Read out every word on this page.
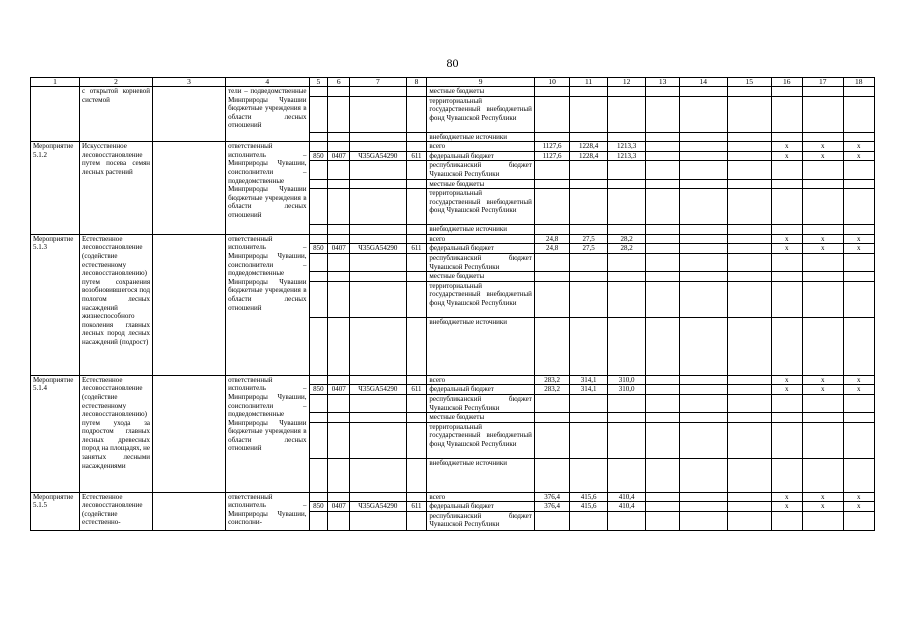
80
1	2	3	4	5	6	7	8	9	10	11	12	13	14	15	16	17	18
	с открытой корневой системой		тели – подведомственные Минприроды Чувашии бюджетные учреждения в области лесных отношений					местные бюджеты									
								территориальный государственный внебюджетный фонд Чувашской Республики									
								внебюджетные источники									
Мероприятие 5.1.2	Искусственное лесовосстановление путем посева семян лесных растений		ответственный исполнитель – Минприроды Чувашии, соисполнители – подведомственные Минприроды Чувашии бюджетные учреждения в области лесных отношений					всего	1127,6	1228,4	1213,3				х	х	х
				850	0407	Ч35GА54290	611	федеральный бюджет	1127,6	1228,4	1213,3				х	х	х
								республиканский бюджет Чувашской Республики									
								местные бюджеты									
								территориальный государственный внебюджетный фонд Чувашской Республики									
								внебюджетные источники									
Мероприятие 5.1.3	Естественное лесовосстановление (содействие естественному лесовосстановлению) путем сохранения возобновившегося под пологом лесных насаждений жизнеспособного поколения главных лесных пород лесных насаждений (подрост)		ответственный исполнитель – Минприроды Чувашии, соисполнители – подведомственные Минприроды Чувашии бюджетные учреждения в области лесных отношений					всего	24,8	27,5	28,2				х	х	х
				850	0407	Ч35GА54290	611	федеральный бюджет	24,8	27,5	28,2				х	х	х
								республиканский бюджет Чувашской Республики									
								местные бюджеты									
								территориальный государственный внебюджетный фонд Чувашской Республики									
								внебюджетные источники									
Мероприятие 5.1.4	Естественное лесовосстановление (содействие естественному лесовосстановлению) путем ухода за подростом главных лесных древесных пород на площадях, не занятых лесными насаждениями		ответственный исполнитель – Минприроды Чувашии, соисполнители – подведомственные Минприроды Чувашии бюджетные учреждения в области лесных отношений					всего	283,2	314,1	310,0				х	х	х
				850	0407	Ч35GА54290	611	федеральный бюджет	283,2	314,1	310,0				х	х	х
								республиканский бюджет Чувашской Республики									
								местные бюджеты									
								территориальный государственный внебюджетный фонд Чувашской Республики									
								внебюджетные источники									
Мероприятие 5.1.5	Естественное лесовосстановление (содействие естественно-		ответственный исполнитель – Минприроды Чувашии, соисполни-					всего	376,4	415,6	410,4				х	х	х
				850	0407	Ч35GА54290	611	федеральный бюджет	376,4	415,6	410,4				х	х	х
								республиканский бюджет Чувашской Республики									
